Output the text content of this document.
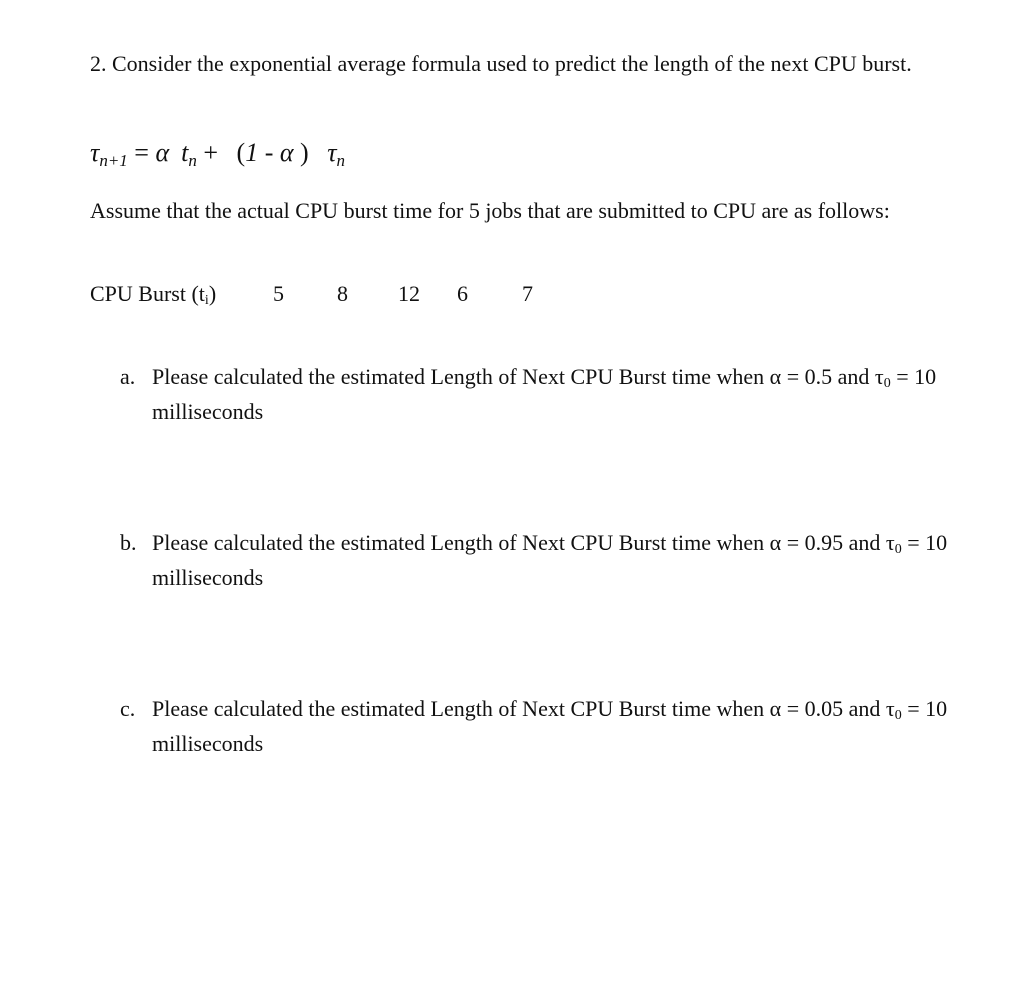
2. Consider the exponential average formula used to predict the length of the next CPU burst.

$\tau_{n+1} = \alpha$ $t_n + (1 - \alpha$ ) $\tau_n$

Assume that the actual CPU burst time for 5 jobs that are submitted to CPU are as follows:

CPU Burst $(t_i)$	5 8 12 6 7
a. Please calculated the estimated Length of Next CPU Burst time when α = 0.5 and $\tau_0 = 10$ milliseconds
b. Please calculated the estimated Length of Next CPU Burst time when α = 0.95 and $\tau_0 = 10$ milliseconds
c. Please calculated the estimated Length of Next CPU Burst time when α = 0.05 and $\tau_0 = 10$ milliseconds
